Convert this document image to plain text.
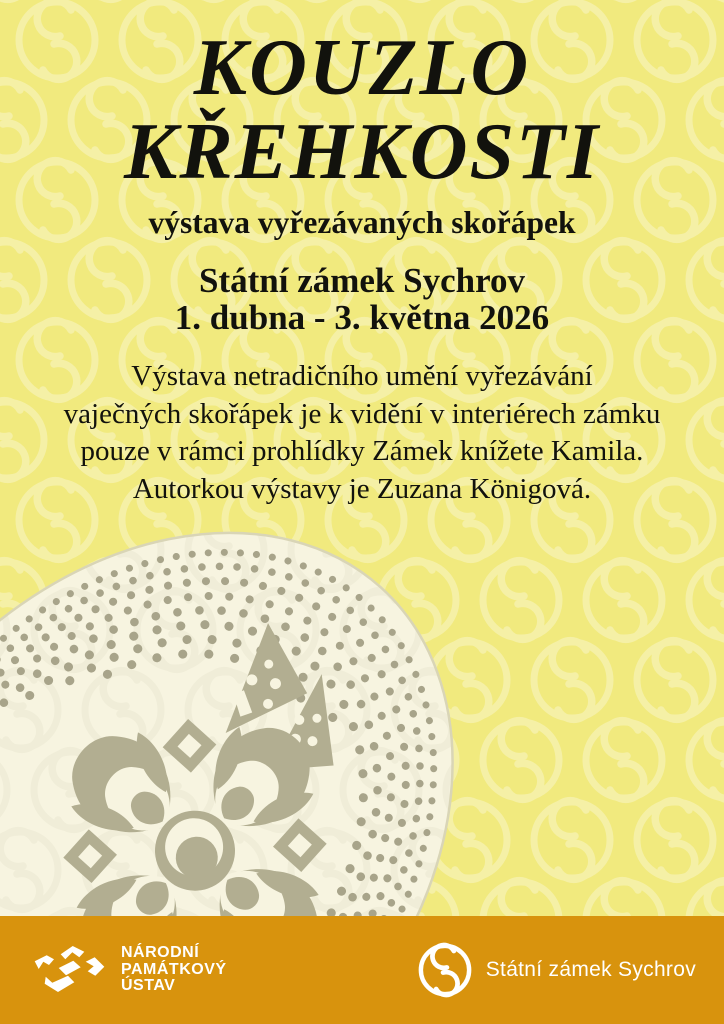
KOUZLO
KŘEHKOSTI
výstava vyřezávaných skořápek
Státní zámek Sychrov
1. dubna - 3. května 2026
Výstava netradičního umění vyřezávání
vaječných skořápek je k vidění v interiérech zámku
pouze v rámci prohlídky Zámek knížete Kamila.
Autorkou výstavy je Zuzana Königová.
NÁRODNÍ
PAMÁTKOVÝ
ÚSTAV
Státní zámek Sychrov
